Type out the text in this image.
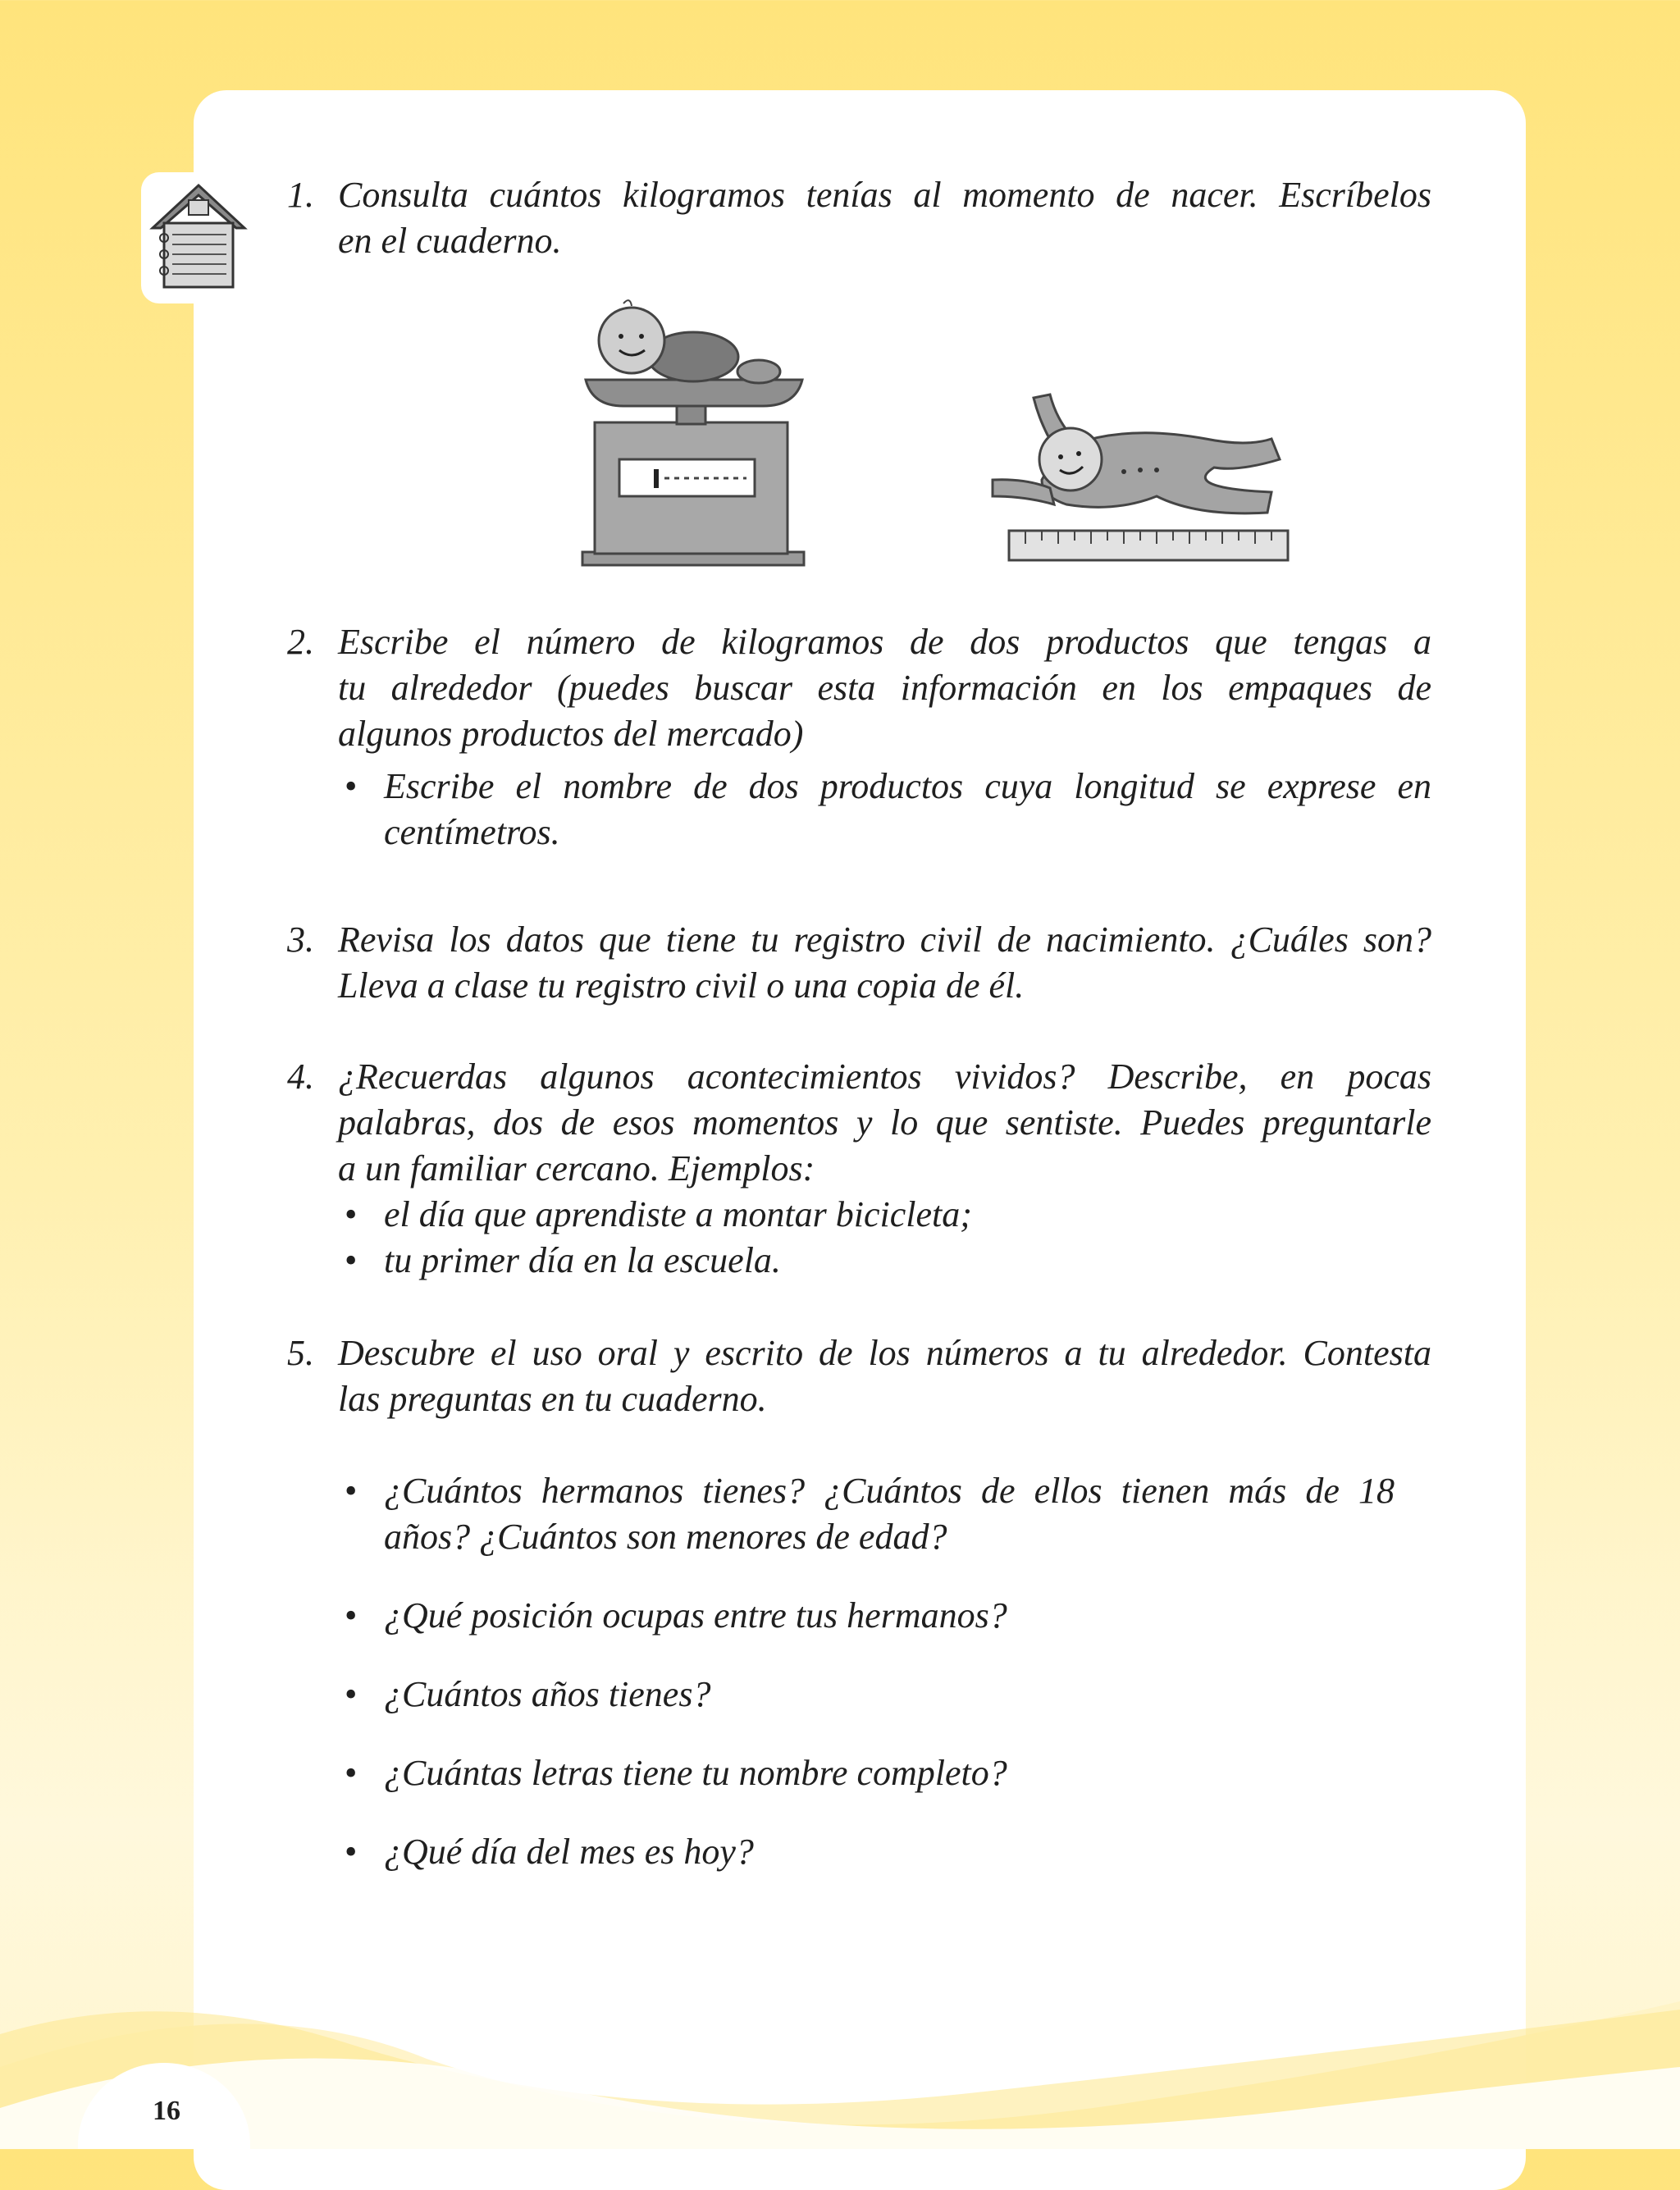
1. Consulta cuántos kilogramos tenías al momento de nacer. Escríbelos
en el cuaderno.
2. Escribe el número de kilogramos de dos productos que tengas a
tu alrededor (puedes buscar esta información en los empaques de
algunos productos del mercado)
• Escribe el nombre de dos productos cuya longitud se exprese en
centímetros.
3. Revisa los datos que tiene tu registro civil de nacimiento. ¿Cuáles son?
Lleva a clase tu registro civil o una copia de él.
4. ¿Recuerdas algunos acontecimientos vividos? Describe, en pocas
palabras, dos de esos momentos y lo que sentiste. Puedes preguntarle
a un familiar cercano. Ejemplos:
• el día que aprendiste a montar bicicleta;
• tu primer día en la escuela.
5. Descubre el uso oral y escrito de los números a tu alrededor. Contesta
las preguntas en tu cuaderno.
• ¿Cuántos hermanos tienes? ¿Cuántos de ellos tienen más de 18
años? ¿Cuántos son menores de edad?
• ¿Qué posición ocupas entre tus hermanos?
• ¿Cuántos años tienes?
• ¿Cuántas letras tiene tu nombre completo?
• ¿Qué día del mes es hoy?
16
